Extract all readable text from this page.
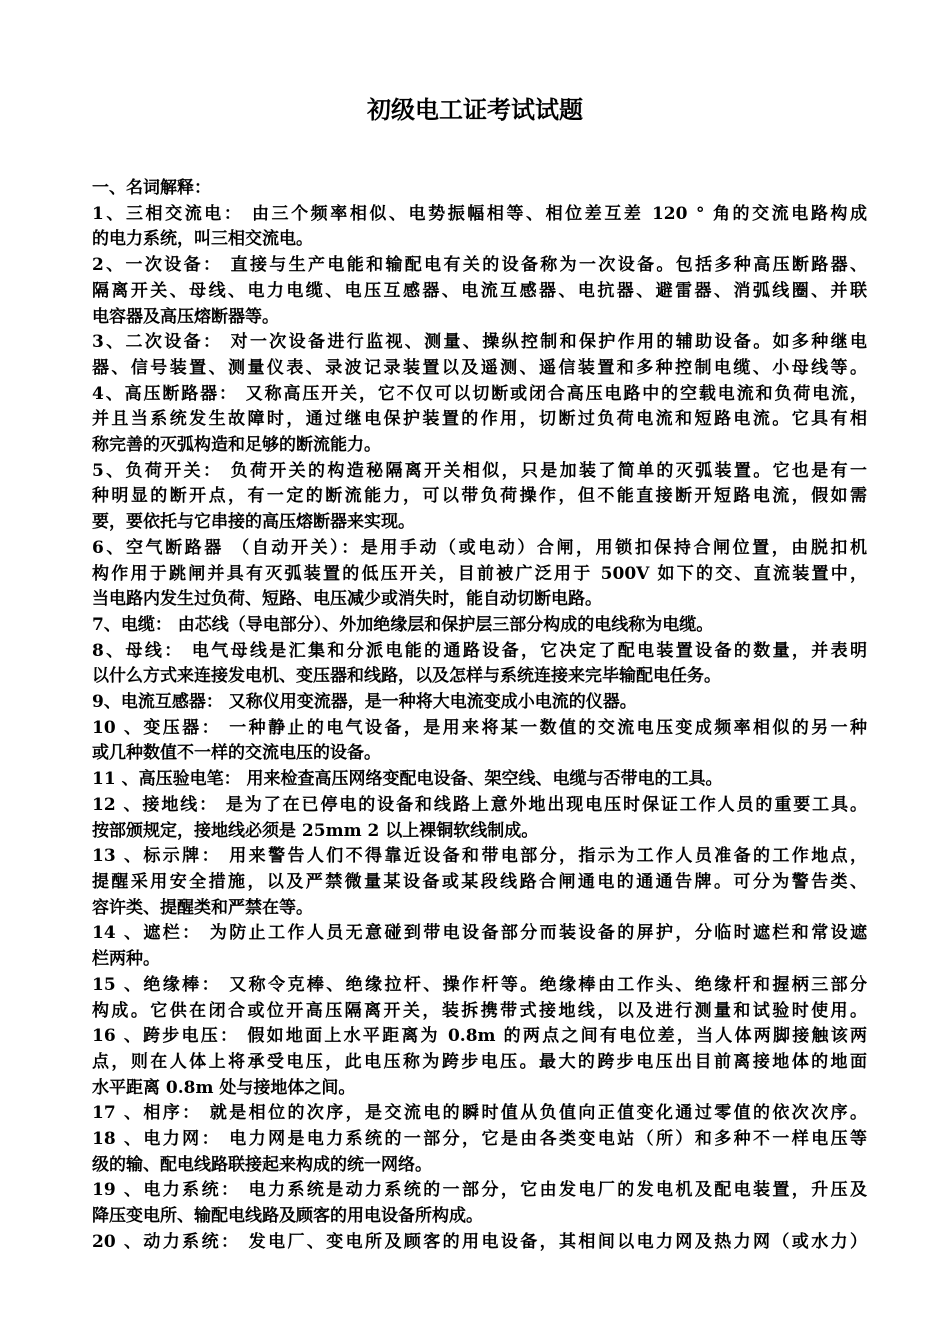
初级电工证考试试题
一、名词解释：
1、三相交流电： 由三个频率相似、电势振幅相等、相位差互差 120 ° 角的交流电路构成
的电力系统，叫三相交流电。
2、一次设备： 直接与生产电能和输配电有关的设备称为一次设备。包括多种高压断路器、
隔离开关、母线、电力电缆、电压互感器、电流互感器、电抗器、避雷器、消弧线圈、并联
电容器及高压熔断器等。
3、二次设备： 对一次设备进行监视、测量、操纵控制和保护作用的辅助设备。如多种继电
器、信号装置、测量仪表、录波记录装置以及遥测、遥信装置和多种控制电缆、小母线等。
4、高压断路器： 又称高压开关，它不仅可以切断或闭合高压电路中的空载电流和负荷电流，
并且当系统发生故障时，通过继电保护装置的作用，切断过负荷电流和短路电流。它具有相
称完善的灭弧构造和足够的断流能力。
5、负荷开关： 负荷开关的构造秘隔离开关相似，只是加装了简单的灭弧装置。它也是有一
种明显的断开点，有一定的断流能力，可以带负荷操作，但不能直接断开短路电流，假如需
要，要依托与它串接的高压熔断器来实现。
6、空气断路器 （自动开关）：是用手动（或电动）合闸，用锁扣保持合闸位置，由脱扣机
构作用于跳闸并具有灭弧装置的低压开关，目前被广泛用于 500V 如下的交、直流装置中，
当电路内发生过负荷、短路、电压减少或消失时，能自动切断电路。
7、电缆： 由芯线（导电部分）、外加绝缘层和保护层三部分构成的电线称为电缆。
8、母线： 电气母线是汇集和分派电能的通路设备，它决定了配电装置设备的数量，并表明
以什么方式来连接发电机、变压器和线路，以及怎样与系统连接来完毕输配电任务。
9、电流互感器： 又称仪用变流器，是一种将大电流变成小电流的仪器。
10 、变压器： 一种静止的电气设备，是用来将某一数值的交流电压变成频率相似的另一种
或几种数值不一样的交流电压的设备。
11 、高压验电笔： 用来检查高压网络变配电设备、架空线、电缆与否带电的工具。
12 、接地线： 是为了在已停电的设备和线路上意外地出现电压时保证工作人员的重要工具。
按部颁规定，接地线必须是 25mm 2 以上裸铜软线制成。
13 、标示牌： 用来警告人们不得靠近设备和带电部分，指示为工作人员准备的工作地点，
提醒采用安全措施，以及严禁微量某设备或某段线路合闸通电的通通告牌。可分为警告类、
容许类、提醒类和严禁在等。
14 、遮栏： 为防止工作人员无意碰到带电设备部分而装设备的屏护，分临时遮栏和常设遮
栏两种。
15 、绝缘棒： 又称令克棒、绝缘拉杆、操作杆等。绝缘棒由工作头、绝缘杆和握柄三部分
构成。它供在闭合或位开高压隔离开关，装拆携带式接地线，以及进行测量和试验时使用。
16 、跨步电压： 假如地面上水平距离为 0.8m 的两点之间有电位差，当人体两脚接触该两
点，则在人体上将承受电压，此电压称为跨步电压。最大的跨步电压出目前离接地体的地面
水平距离 0.8m 处与接地体之间。
17 、相序： 就是相位的次序，是交流电的瞬时值从负值向正值变化通过零值的依次次序。
18 、电力网： 电力网是电力系统的一部分，它是由各类变电站（所）和多种不一样电压等
级的输、配电线路联接起来构成的统一网络。
19 、电力系统： 电力系统是动力系统的一部分，它由发电厂的发电机及配电装置，升压及
降压变电所、输配电线路及顾客的用电设备所构成。
20 、动力系统： 发电厂、变电所及顾客的用电设备，其相间以电力网及热力网（或水力）
